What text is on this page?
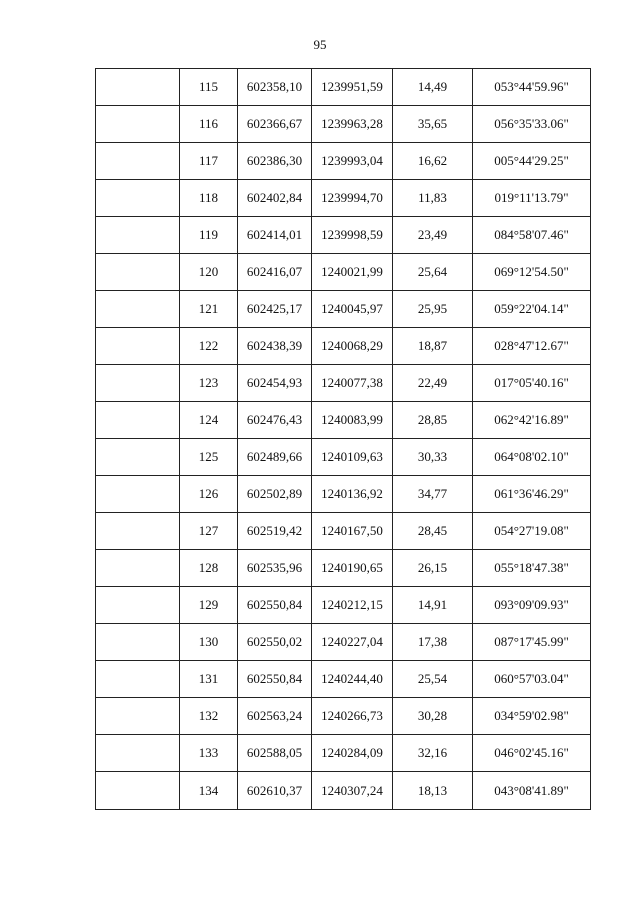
95
	115	602358,10	1239951,59	14,49	053°44'59.96"
	116	602366,67	1239963,28	35,65	056°35'33.06"
	117	602386,30	1239993,04	16,62	005°44'29.25"
	118	602402,84	1239994,70	11,83	019°11'13.79"
	119	602414,01	1239998,59	23,49	084°58'07.46"
	120	602416,07	1240021,99	25,64	069°12'54.50"
	121	602425,17	1240045,97	25,95	059°22'04.14"
	122	602438,39	1240068,29	18,87	028°47'12.67"
	123	602454,93	1240077,38	22,49	017°05'40.16"
	124	602476,43	1240083,99	28,85	062°42'16.89"
	125	602489,66	1240109,63	30,33	064°08'02.10"
	126	602502,89	1240136,92	34,77	061°36'46.29"
	127	602519,42	1240167,50	28,45	054°27'19.08"
	128	602535,96	1240190,65	26,15	055°18'47.38"
	129	602550,84	1240212,15	14,91	093°09'09.93"
	130	602550,02	1240227,04	17,38	087°17'45.99"
	131	602550,84	1240244,40	25,54	060°57'03.04"
	132	602563,24	1240266,73	30,28	034°59'02.98"
	133	602588,05	1240284,09	32,16	046°02'45.16"
	134	602610,37	1240307,24	18,13	043°08'41.89"
